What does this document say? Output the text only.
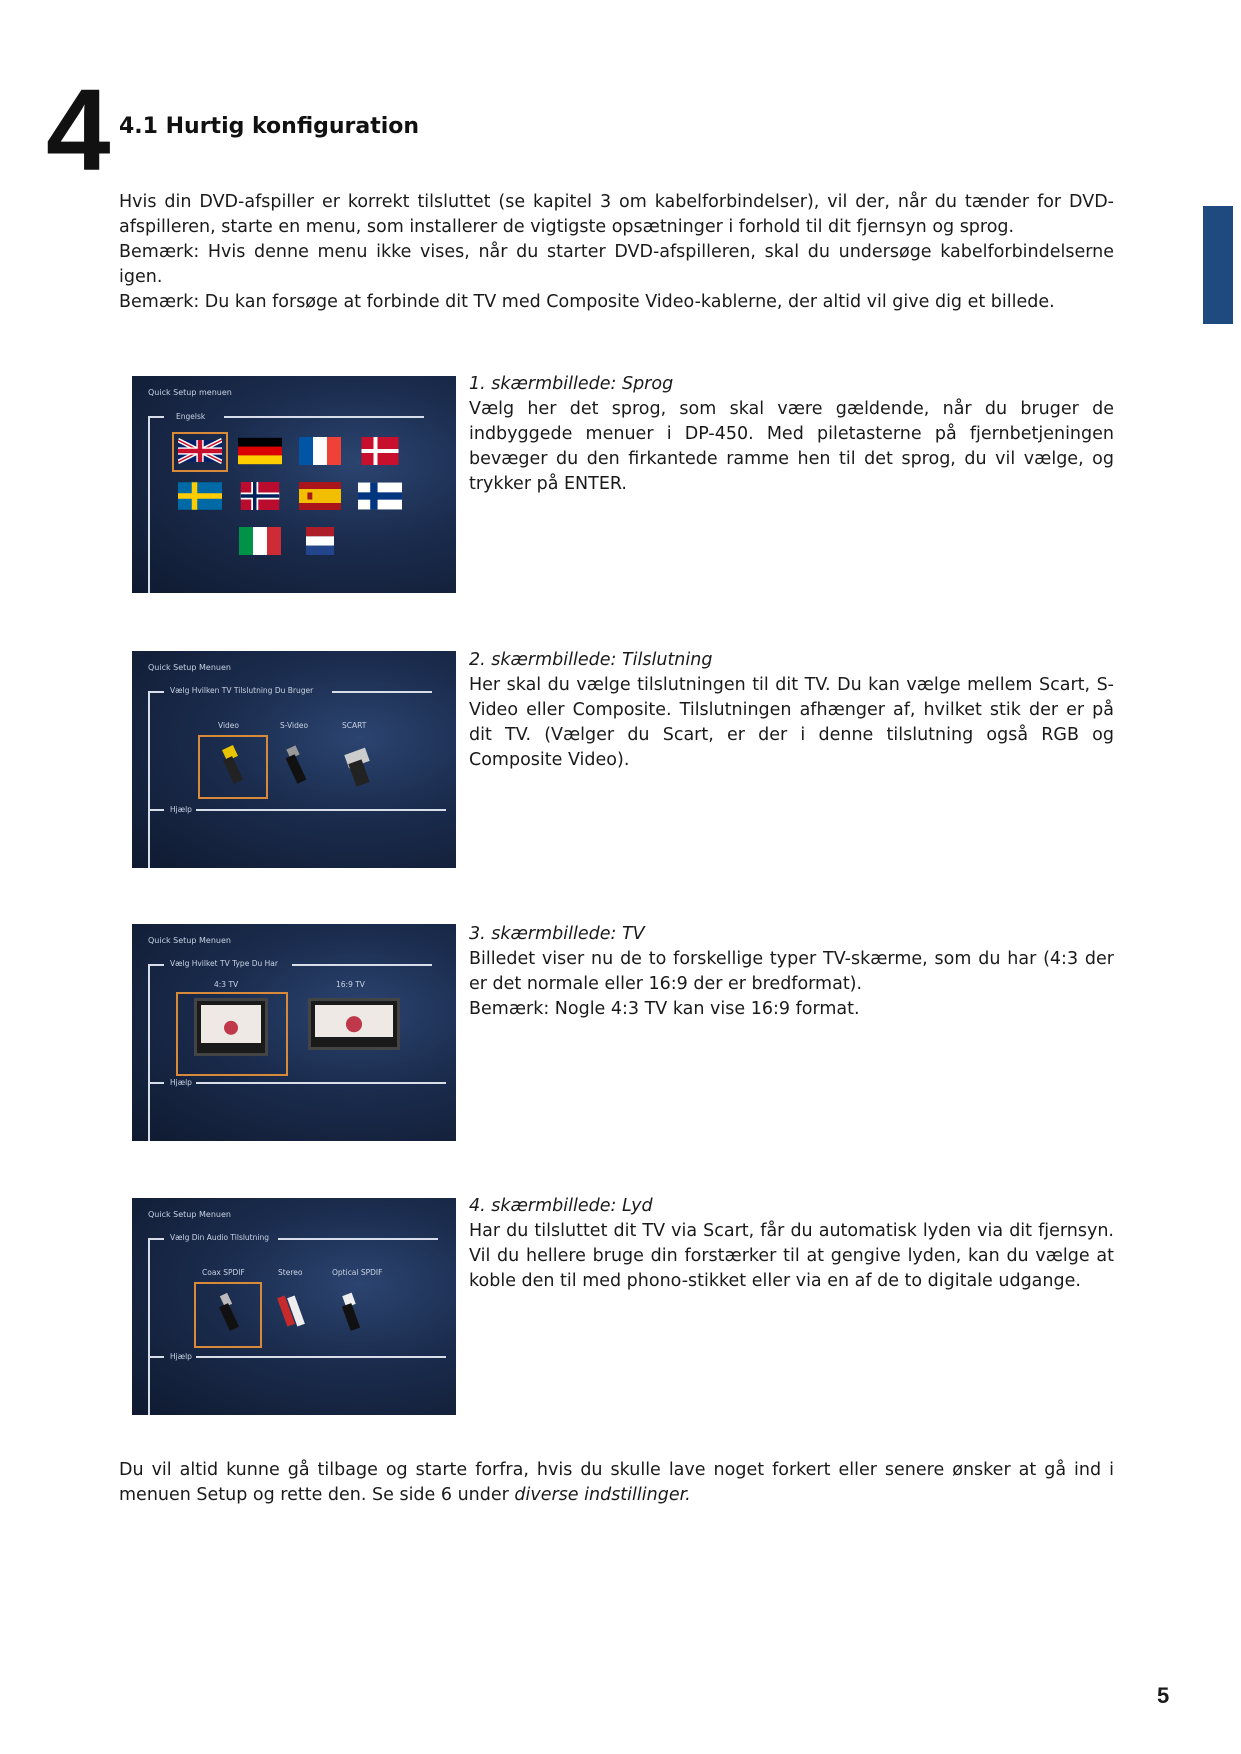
4 4.1 Hurtig konfiguration

Hvis din DVD-afspiller er korrekt tilsluttet (se kapitel 3 om kabelforbindelser), vil der, når du tænder for DVD-afspilleren, starte en menu, som installerer de vigtigste opsætninger i forhold til dit fjernsyn og sprog.

Bemærk: Hvis denne menu ikke vises, når du starter DVD-afspilleren, skal du undersøge kabelforbindelserne igen.

Bemærk: Du kan forsøge at forbinde dit TV med Composite Video-kablerne, der altid vil give dig et billede.

Quick Setup menuen
Engelsk

1. skærmbillede: Sprog

Vælg her det sprog, som skal være gældende, når du bruger de indbyggede menuer i DP-450. Med piletasterne på fjernbetjeningen bevæger du den firkantede ramme hen til det sprog, du vil vælge, og trykker på ENTER.

Quick Setup Menuen
Vælg Hvilken TV Tilslutning Du Bruger
Video	S-Video	SCART
Hjælp

2. skærmbillede: Tilslutning

Her skal du vælge tilslutningen til dit TV. Du kan vælge mellem Scart, S-Video eller Composite. Tilslutningen afhænger af, hvilket stik der er på dit TV. (Vælger du Scart, er der i denne tilslutning også RGB og Composite Video).

Quick Setup Menuen
Vælg Hvilket TV Type Du Har
4:3 TV	16:9 TV
Hjælp

3. skærmbillede: TV

Billedet viser nu de to forskellige typer TV-skærme, som du har (4:3 der er det normale eller 16:9 der er bredformat).

Bemærk: Nogle 4:3 TV kan vise 16:9 format.

Quick Setup Menuen
Vælg Din Audio Tilslutning
Coax SPDIF	Stereo	Optical SPDIF
Hjælp

4. skærmbillede: Lyd

Har du tilsluttet dit TV via Scart, får du automatisk lyden via dit fjernsyn. Vil du hellere bruge din forstærker til at gengive lyden, kan du vælge at koble den til med phono-stikket eller via en af de to digitale udgange.

Du vil altid kunne gå tilbage og starte forfra, hvis du skulle lave noget forkert eller senere ønsker at gå ind i menuen Setup og rette den. Se side 6 under diverse indstillinger.
5
